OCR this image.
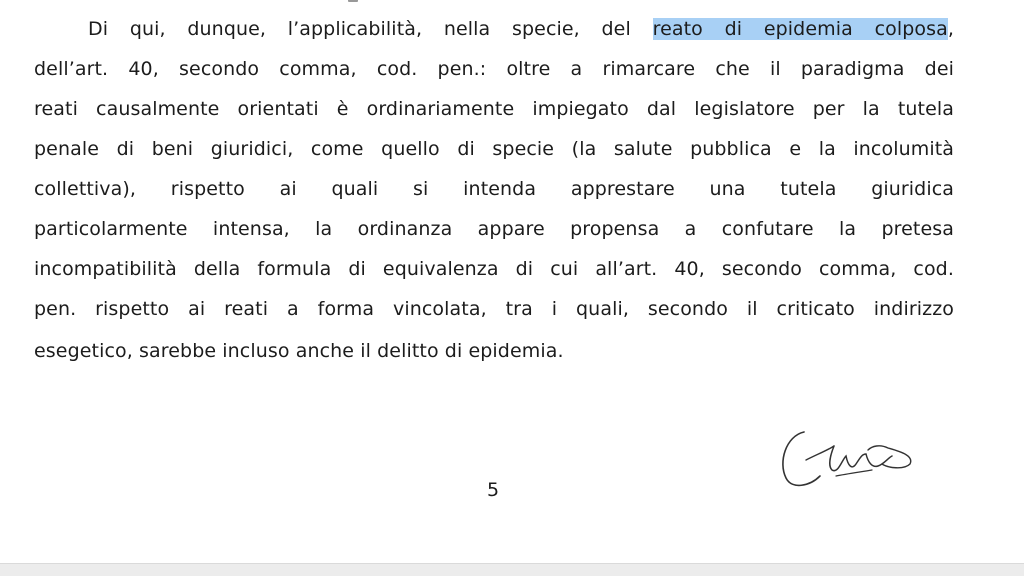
Di qui, dunque, l’applicabilità, nella specie, del reato di epidemia colposa,
dell’art. 40, secondo comma, cod. pen.: oltre a rimarcare che il paradigma dei
reati causalmente orientati è ordinariamente impiegato dal legislatore per la tutela
penale di beni giuridici, come quello di specie (la salute pubblica e la incolumità
collettiva), rispetto ai quali si intenda apprestare una tutela giuridica
particolarmente intensa, la ordinanza appare propensa a confutare la pretesa
incompatibilità della formula di equivalenza di cui all’art. 40, secondo comma, cod.
pen. rispetto ai reati a forma vincolata, tra i quali, secondo il criticato indirizzo
esegetico, sarebbe incluso anche il delitto di epidemia.
5
